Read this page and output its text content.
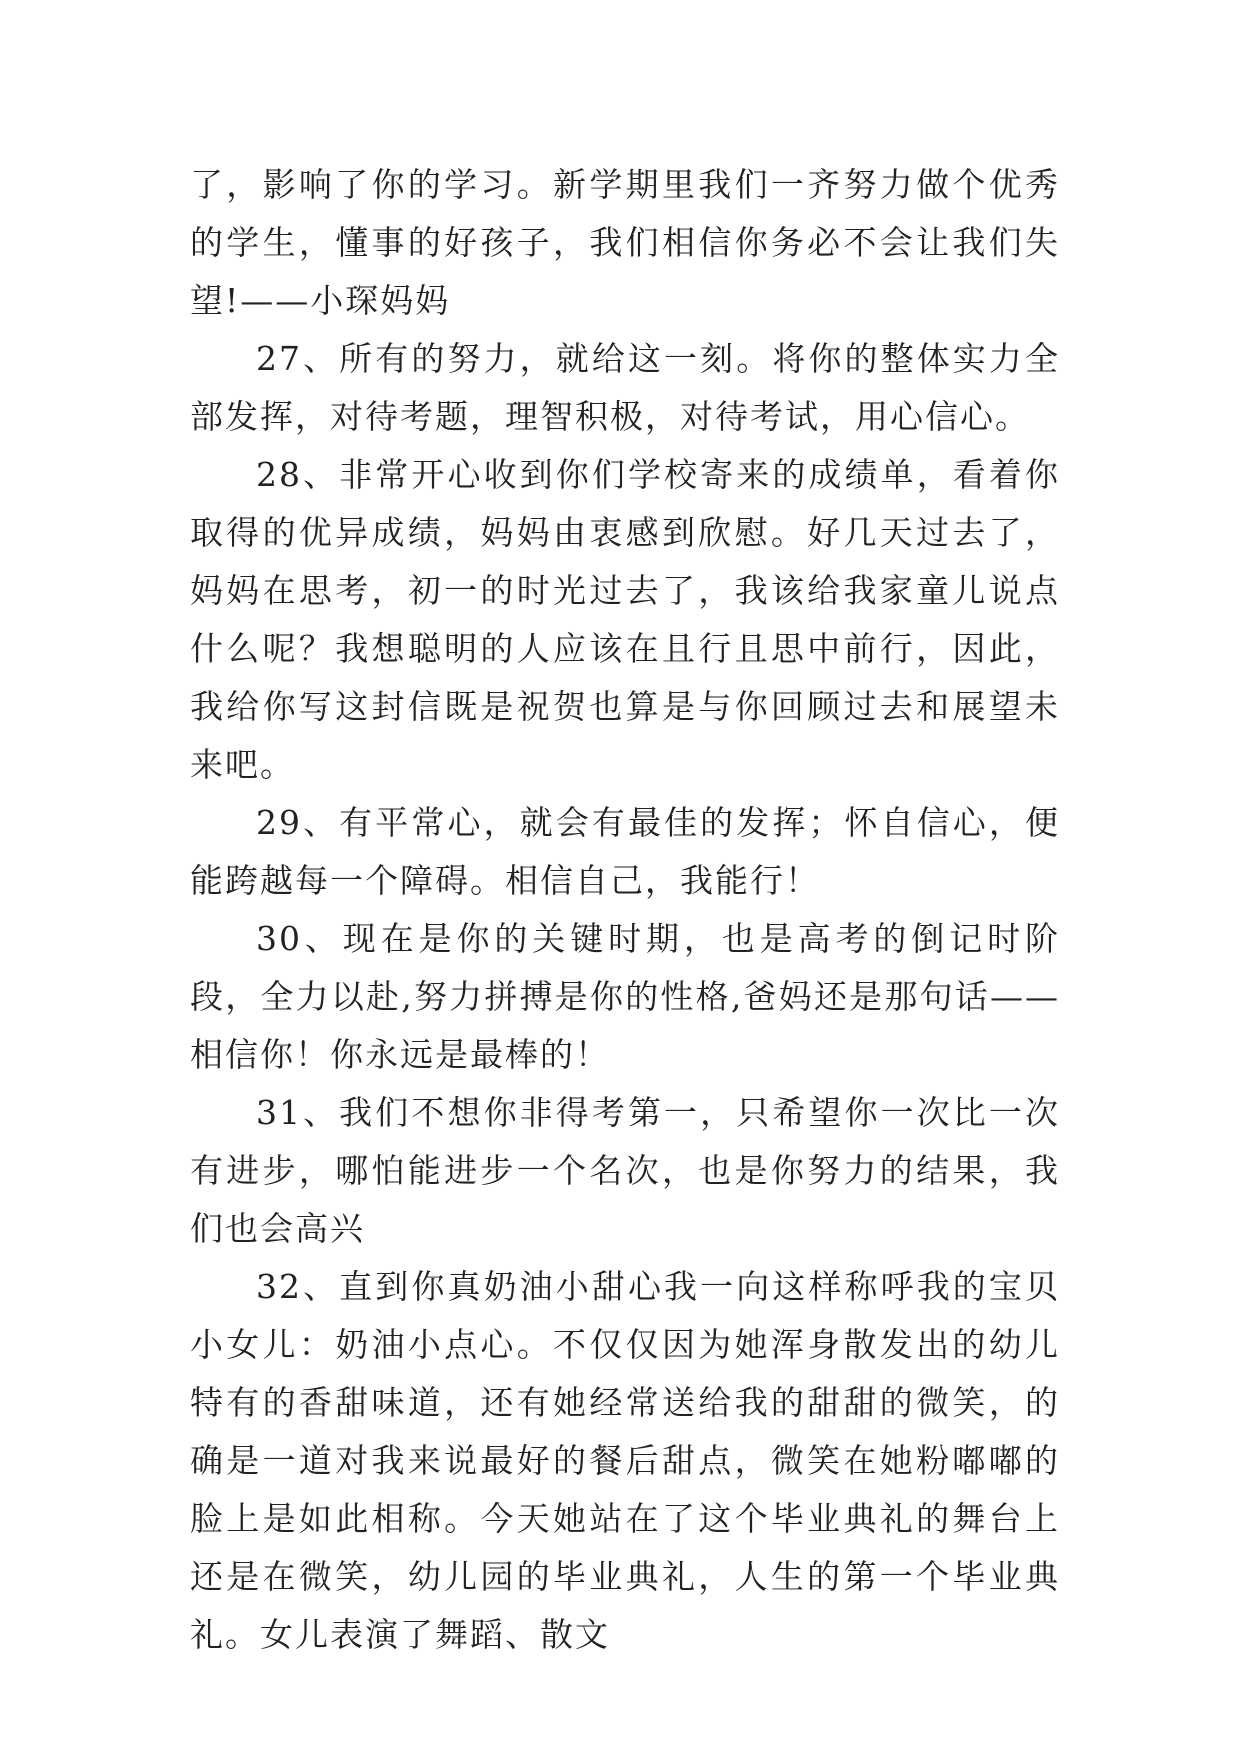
了，影响了你的学习。新学期里我们一齐努力做个优秀的学生，懂事的好孩子，我们相信你务必不会让我们失望!——小琛妈妈

27、所有的努力，就给这一刻。将你的整体实力全部发挥，对待考题，理智积极，对待考试，用心信心。

28、非常开心收到你们学校寄来的成绩单，看着你取得的优异成绩，妈妈由衷感到欣慰。好几天过去了，妈妈在思考，初一的时光过去了，我该给我家童儿说点什么呢？我想聪明的人应该在且行且思中前行，因此，我给你写这封信既是祝贺也算是与你回顾过去和展望未来吧。

29、有平常心，就会有最佳的发挥；怀自信心，便能跨越每一个障碍。相信自己，我能行！

30、现在是你的关键时期，也是高考的倒记时阶段，全力以赴,努力拼搏是你的性格,爸妈还是那句话——相信你！你永远是最棒的！

31、我们不想你非得考第一，只希望你一次比一次有进步，哪怕能进步一个名次，也是你努力的结果，我们也会高兴

32、直到你真奶油小甜心我一向这样称呼我的宝贝小女儿：奶油小点心。不仅仅因为她浑身散发出的幼儿特有的香甜味道，还有她经常送给我的甜甜的微笑，的确是一道对我来说最好的餐后甜点，微笑在她粉嘟嘟的脸上是如此相称。今天她站在了这个毕业典礼的舞台上还是在微笑，幼儿园的毕业典礼，人生的第一个毕业典礼。女儿表演了舞蹈、散文
